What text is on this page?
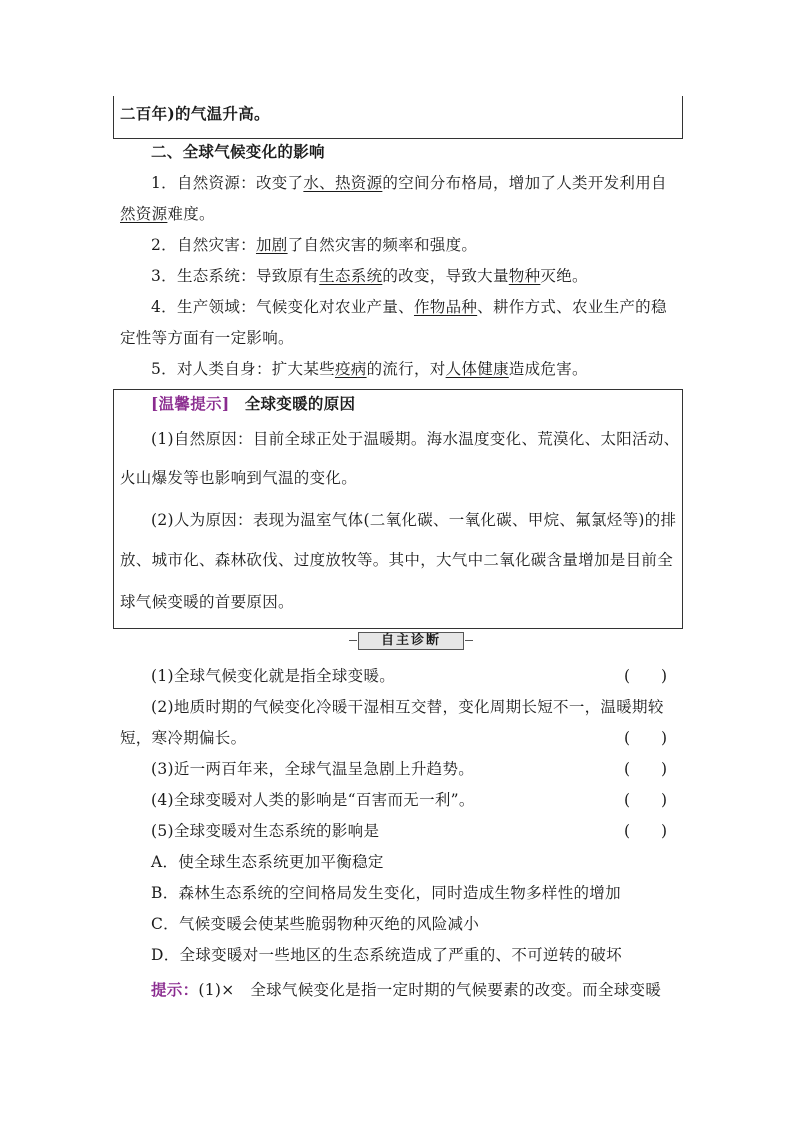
二百年)的气温升高。
二、全球气候变化的影响
1．自然资源：改变了水、热资源的空间分布格局，增加了人类开发利用自
然资源难度。
2．自然灾害：加剧了自然灾害的频率和强度。
3．生态系统：导致原有生态系统的改变，导致大量物种灭绝。
4．生产领域：气候变化对农业产量、作物品种、耕作方式、农业生产的稳
定性等方面有一定影响。
5．对人类自身：扩大某些疫病的流行，对人体健康造成危害。
[温馨提示] 全球变暖的原因
(1)自然原因：目前全球正处于温暖期。海水温度变化、荒漠化、太阳活动、
火山爆发等也影响到气温的变化。
(2)人为原因：表现为温室气体(二氧化碳、一氧化碳、甲烷、氟氯烃等)的排
放、城市化、森林砍伐、过度放牧等。其中，大气中二氧化碳含量增加是目前全
球气候变暖的首要原因。
自主诊断
(1)全球气候变化就是指全球变暖。	(　　)
(2)地质时期的气候变化冷暖干湿相互交替，变化周期长短不一，温暖期较
短，寒冷期偏长。	(　　)
(3)近一两百年来，全球气温呈急剧上升趋势。	(　　)
(4)全球变暖对人类的影响是“百害而无一利”。	(　　)
(5)全球变暖对生态系统的影响是	(　　)
A．使全球生态系统更加平衡稳定
B．森林生态系统的空间格局发生变化，同时造成生物多样性的增加
C．气候变暖会使某些脆弱物种灭绝的风险减小
D．全球变暖对一些地区的生态系统造成了严重的、不可逆转的破坏
提示：(1)×　全球气候变化是指一定时期的气候要素的改变。而全球变暖
